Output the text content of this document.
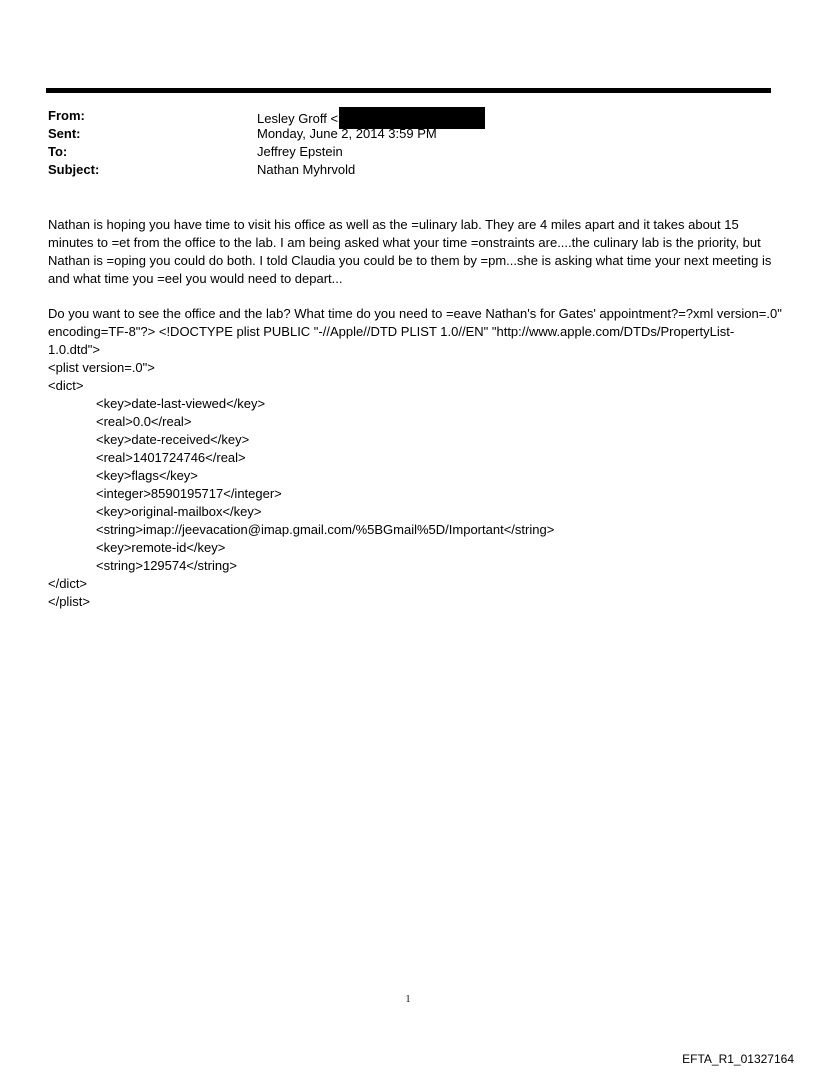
From:	Lesley Groff <
Sent:	Monday, June 2, 2014 3:59 PM
To:	Jeffrey Epstein
Subject:	Nathan Myhrvold
Nathan is hoping you have time to visit his office as well as the =ulinary lab. They are 4 miles apart and it takes about 15 minutes to =et from the office to the lab. I am being asked what your time =onstraints are....the culinary lab is the priority, but Nathan is =oping you could do both. I told Claudia you could be to them by =pm...she is asking what time your next meeting is and what time you =eel you would need to depart...
Do you want to see the office and the lab? What time do you need to =eave Nathan's for Gates' appointment?=?xml version=.0" encoding=TF-8"?> <!DOCTYPE plist PUBLIC "-//Apple//DTD PLIST 1.0//EN" "http://www.apple.com/DTDs/PropertyList-1.0.dtd">
<plist version=.0">
<dict>
<key>date-last-viewed</key>
<real>0.0</real>
<key>date-received</key>
<real>1401724746</real>
<key>flags</key>
<integer>8590195717</integer>
<key>original-mailbox</key>
<string>imap://jeevacation@imap.gmail.com/%5BGmail%5D/Important</string>
<key>remote-id</key>
<string>129574</string>
</dict>
</plist>
1
EFTA_R1_01327164
